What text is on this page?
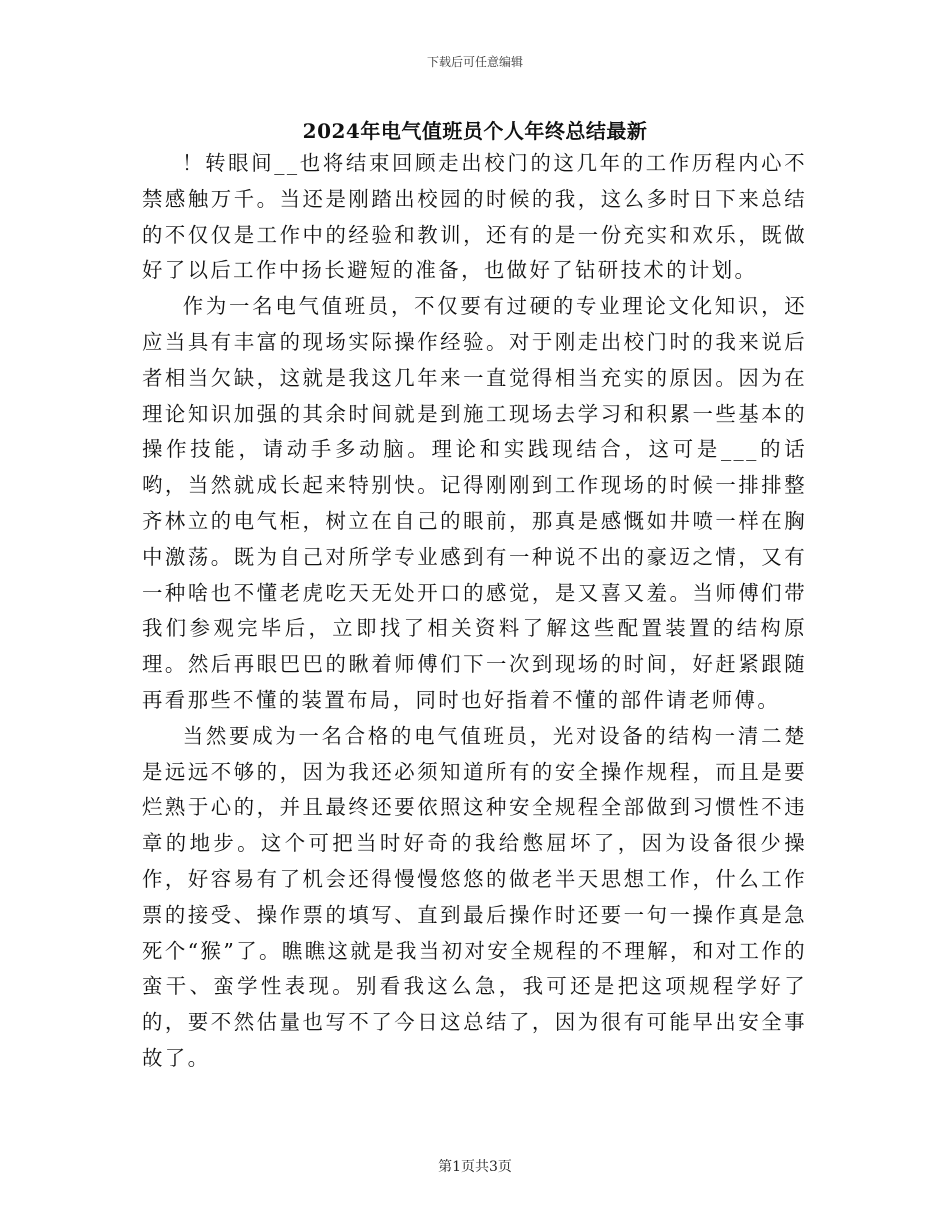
下载后可任意编辑
2024年电气值班员个人年终总结最新

！转眼间__也将结束回顾走出校门的这几年的工作历程内心不禁感触万千。当还是刚踏出校园的时候的我，这么多时日下来总结的不仅仅是工作中的经验和教训，还有的是一份充实和欢乐，既做好了以后工作中扬长避短的准备，也做好了钻研技术的计划。

作为一名电气值班员，不仅要有过硬的专业理论文化知识，还应当具有丰富的现场实际操作经验。对于刚走出校门时的我来说后者相当欠缺，这就是我这几年来一直觉得相当充实的原因。因为在理论知识加强的其余时间就是到施工现场去学习和积累一些基本的操作技能，请动手多动脑。理论和实践现结合，这可是___的话哟，当然就成长起来特别快。记得刚刚到工作现场的时候一排排整齐林立的电气柜，树立在自己的眼前，那真是感慨如井喷一样在胸中激荡。既为自己对所学专业感到有一种说不出的豪迈之情，又有一种啥也不懂老虎吃天无处开口的感觉，是又喜又羞。当师傅们带我们参观完毕后，立即找了相关资料了解这些配置装置的结构原理。然后再眼巴巴的瞅着师傅们下一次到现场的时间，好赶紧跟随再看那些不懂的装置布局，同时也好指着不懂的部件请老师傅。

当然要成为一名合格的电气值班员，光对设备的结构一清二楚是远远不够的，因为我还必须知道所有的安全操作规程，而且是要烂熟于心的，并且最终还要依照这种安全规程全部做到习惯性不违章的地步。这个可把当时好奇的我给憋屈坏了，因为设备很少操作，好容易有了机会还得慢慢悠悠的做老半天思想工作，什么工作票的接受、操作票的填写、直到最后操作时还要一句一操作真是急死个“猴”了。瞧瞧这就是我当初对安全规程的不理解，和对工作的蛮干、蛮学性表现。别看我这么急，我可还是把这项规程学好了的，要不然估量也写不了今日这总结了，因为很有可能早出安全事故了。

第1页共3页
